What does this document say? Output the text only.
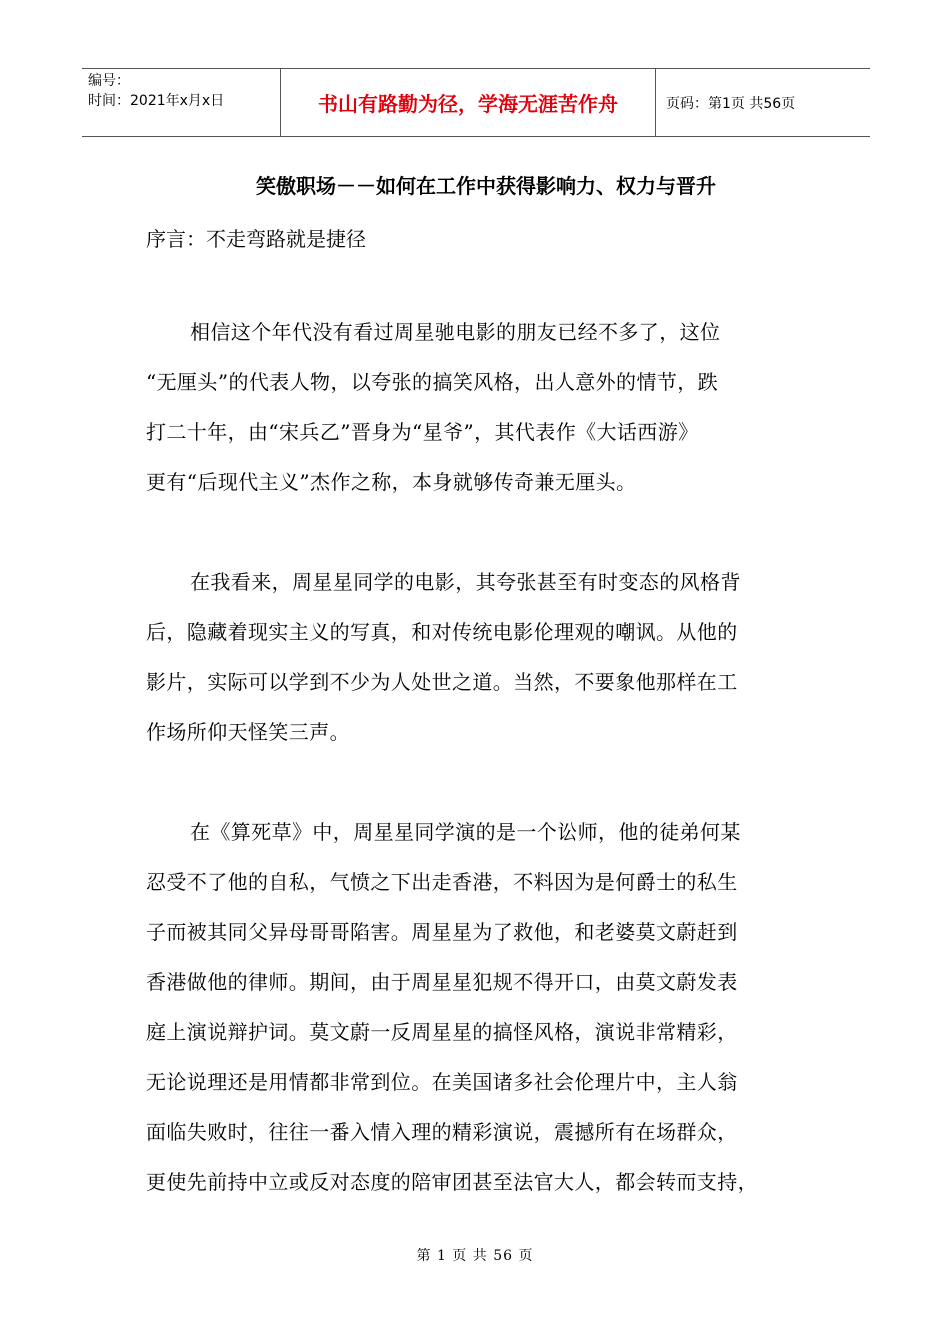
编号：
时间：2021年x月x日	书山有路勤为径，学海无涯苦作舟	页码：第1页 共56页
笑傲职场－－如何在工作中获得影响力、权力与晋升
序言：不走弯路就是捷径
相信这个年代没有看过周星驰电影的朋友已经不多了，这位
“无厘头”的代表人物，以夸张的搞笑风格，出人意外的情节，跌
打二十年，由“宋兵乙”晋身为“星爷”，其代表作《大话西游》
更有“后现代主义”杰作之称，本身就够传奇兼无厘头。
在我看来，周星星同学的电影，其夸张甚至有时变态的风格背
后，隐藏着现实主义的写真，和对传统电影伦理观的嘲讽。从他的
影片，实际可以学到不少为人处世之道。当然，不要象他那样在工
作场所仰天怪笑三声。
在《算死草》中，周星星同学演的是一个讼师，他的徒弟何某
忍受不了他的自私，气愤之下出走香港，不料因为是何爵士的私生
子而被其同父异母哥哥陷害。周星星为了救他，和老婆莫文蔚赶到
香港做他的律师。期间，由于周星星犯规不得开口，由莫文蔚发表
庭上演说辩护词。莫文蔚一反周星星的搞怪风格，演说非常精彩，
无论说理还是用情都非常到位。在美国诸多社会伦理片中，主人翁
面临失败时，往往一番入情入理的精彩演说，震撼所有在场群众，
更使先前持中立或反对态度的陪审团甚至法官大人，都会转而支持，
第 1 页 共 56 页
